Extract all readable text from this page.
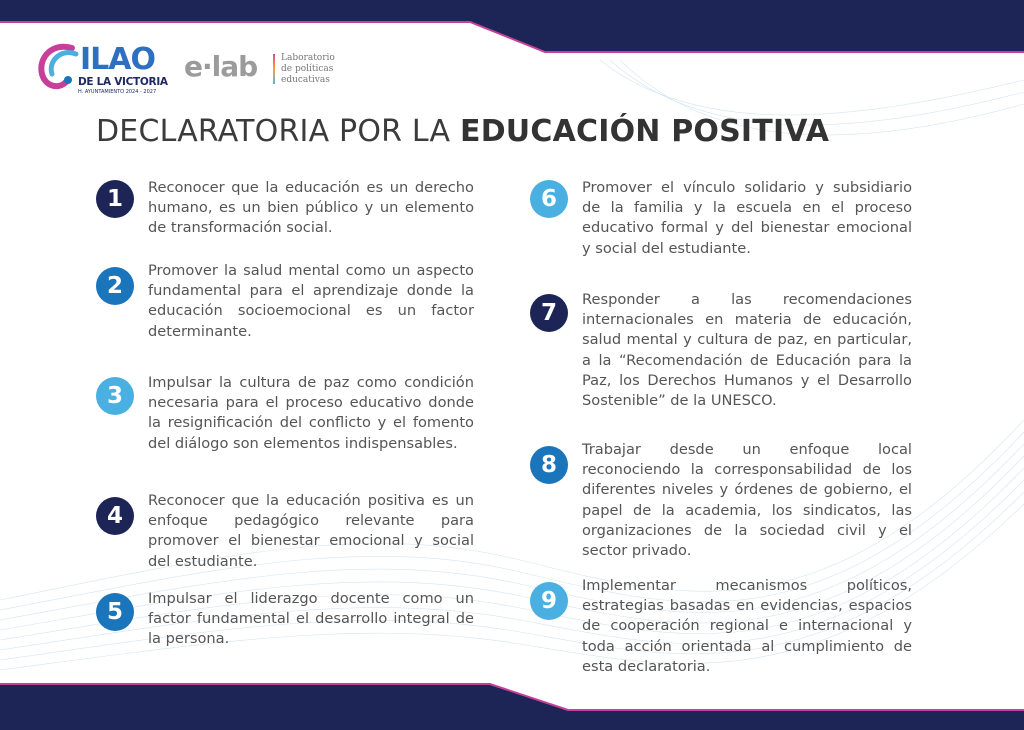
ILAO
DE LA VICTORIA
H. AYUNTAMIENTO 2024 - 2027
e·lab	Laboratorio
de políticas
educativas
DECLARATORIA POR LA EDUCACIÓN POSITIVA
1	Reconocer que la educación es un derecho humano, es un bien público y un elemento de transformación social.
2
Promover la salud mental como un aspecto fundamental para el aprendizaje donde la educación socioemocional es un factor determinante.
3
Impulsar la cultura de paz como condición necesaria para el proceso educativo donde la resignificación del conflicto y el fomento del diálogo son elementos indispensables.
4
Reconocer que la educación positiva es un enfoque pedagógico relevante para promover el bienestar emocional y social del estudiante.
5
Impulsar el liderazgo docente como un factor fundamental el desarrollo integral de la persona.
6	Promover el vínculo solidario y subsidiario de la familia y la escuela en el proceso educativo formal y del bienestar emocional y social del estudiante.
7
Responder a las recomendaciones internacionales en materia de educación, salud mental y cultura de paz, en particular, a la “Recomendación de Educación para la Paz, los Derechos Humanos y el Desarrollo Sostenible” de la UNESCO.
8
Trabajar desde un enfoque local reconociendo la corresponsabilidad de los diferentes niveles y órdenes de gobierno, el papel de la academia, los sindicatos, las organizaciones de la sociedad civil y el sector privado.
9
Implementar mecanismos políticos, estrategias basadas en evidencias, espacios de cooperación regional e internacional y toda acción orientada al cumplimiento de esta declaratoria.
